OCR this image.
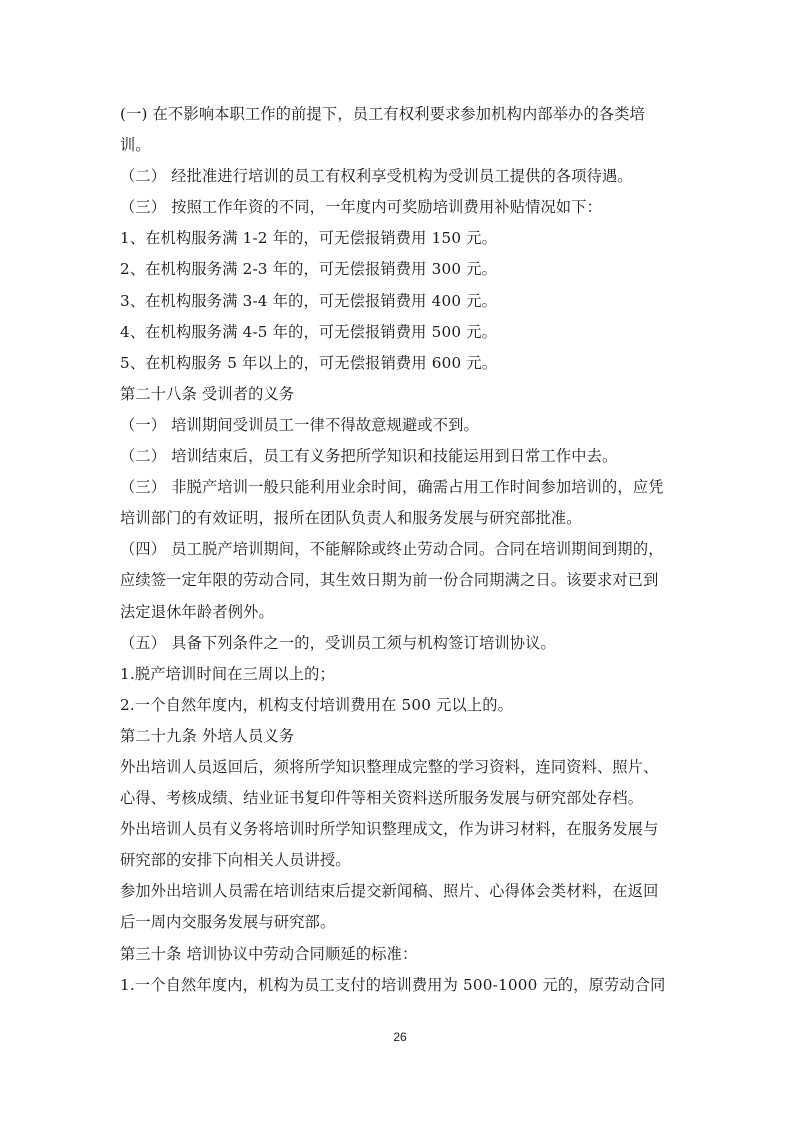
(一) 在不影响本职工作的前提下，员工有权利要求参加机构内部举办的各类培
训。
（二） 经批准进行培训的员工有权利享受机构为受训员工提供的各项待遇。
（三） 按照工作年资的不同，一年度内可奖励培训费用补贴情况如下：
1、在机构服务满 1-2 年的，可无偿报销费用 150 元。
2、在机构服务满 2-3 年的，可无偿报销费用 300 元。
3、在机构服务满 3-4 年的，可无偿报销费用 400 元。
4、在机构服务满 4-5 年的，可无偿报销费用 500 元。
5、在机构服务 5 年以上的，可无偿报销费用 600 元。
第二十八条 受训者的义务
（一） 培训期间受训员工一律不得故意规避或不到。
（二） 培训结束后，员工有义务把所学知识和技能运用到日常工作中去。
（三） 非脱产培训一般只能利用业余时间，确需占用工作时间参加培训的，应凭
培训部门的有效证明，报所在团队负责人和服务发展与研究部批准。
（四） 员工脱产培训期间，不能解除或终止劳动合同。合同在培训期间到期的，
应续签一定年限的劳动合同，其生效日期为前一份合同期满之日。该要求对已到
法定退休年龄者例外。
（五） 具备下列条件之一的，受训员工须与机构签订培训协议。
1.脱产培训时间在三周以上的；
2.一个自然年度内，机构支付培训费用在 500 元以上的。
第二十九条 外培人员义务
外出培训人员返回后，须将所学知识整理成完整的学习资料，连同资料、照片、
心得、考核成绩、结业证书复印件等相关资料送所服务发展与研究部处存档。
外出培训人员有义务将培训时所学知识整理成文，作为讲习材料，在服务发展与
研究部的安排下向相关人员讲授。
参加外出培训人员需在培训结束后提交新闻稿、照片、心得体会类材料，在返回
后一周内交服务发展与研究部。
第三十条 培训协议中劳动合同顺延的标准：
1.一个自然年度内，机构为员工支付的培训费用为 500-1000 元的，原劳动合同
26
